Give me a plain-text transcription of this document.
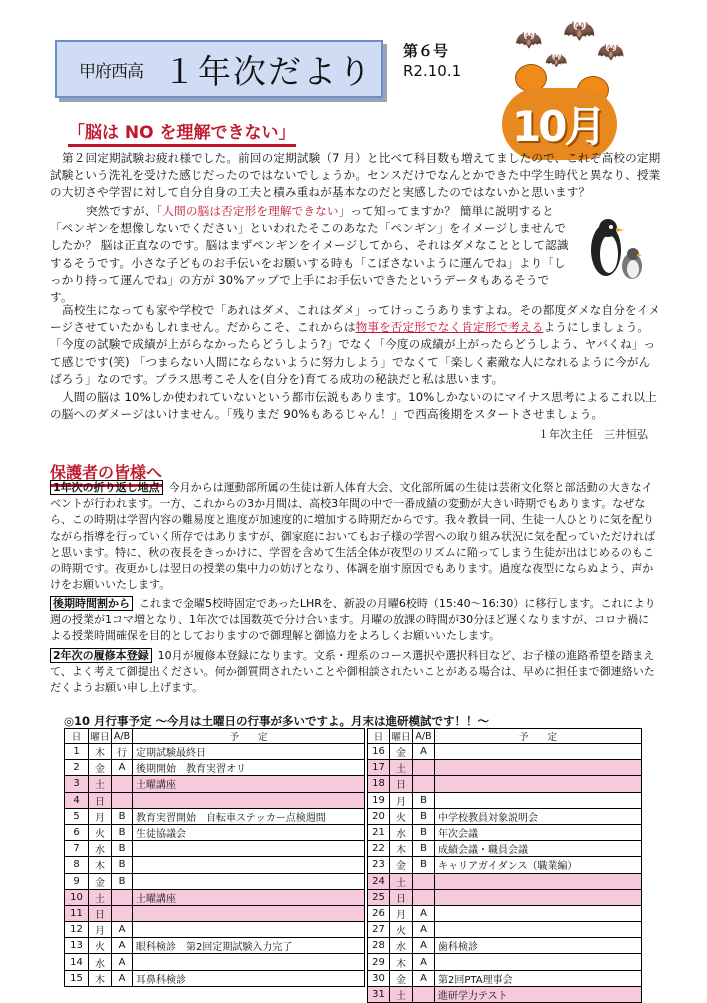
甲府西高 １年次だより
第６号
R2.10.1
🦇 🦇
🦇
🦇
10月
「脳は NO を理解できない」
第２回定期試験お疲れ様でした。前回の定期試験（7 月）と比べて科目数も増えてましたので、これぞ高校の定期試験という洗礼を受けた感じだったのではないでしょうか。センスだけでなんとかできた中学生時代と異なり、授業の大切さや学習に対して自分自身の工夫と積み重ねが基本なのだと実感したのではないかと思います？
突然ですが、「人間の脳は否定形を理解できない」って知ってますか？ 簡単に説明すると「ペンギンを想像しないでください」といわれたそこのあなた「ペンギン」をイメージしませんでしたか？ 脳は正直なのです。脳はまずペンギンをイメージしてから、それはダメなこととして認識するそうです。小さな子どものお手伝いをお願いする時も「こぼさないように運んでね」より「しっかり持って運んでね」の方が 30%アップで上手にお手伝いできたというデータもあるそうです。
高校生になっても家や学校で「あれはダメ、これはダメ」ってけっこうありますよね。その都度ダメな自分をイメージさせていたかもしれません。だからこそ、これからは物事を否定形でなく肯定形で考えるようにしましょう。「今度の試験で成績が上がらなかったらどうしよう?」でなく「今度の成績が上がったらどうしよう、ヤバくね」って感じです(笑) 「つまらない人間にならないように努力しよう」でなくて「楽しく素敵な人になれるように今がんばろう」なのです。プラス思考こそ人を(自分を)育てる成功の秘訣だと私は思います。
人間の脳は 10%しか使われていないという都市伝説もあります。10%しかないのにマイナス思考によるこれ以上の脳へのダメージはいけません。「残りまだ 90%もあるじゃん！」で西高後期をスタートさせましょう。
１年次主任　三井恒弘
保護者の皆様へ
1年次の折り返し地点 今月からは運動部所属の生徒は新人体育大会、文化部所属の生徒は芸術文化祭と部活動の大きなイベントが行われます。一方、これからの3か月間は、高校3年間の中で一番成績の変動が大きい時期でもあります。なぜなら、この時期は学習内容の難易度と進度が加速度的に増加する時期だからです。我々教員一同、生徒一人ひとりに気を配りながら指導を行っていく所存ではありますが、御家庭においてもお子様の学習への取り組み状況に気を配っていただければと思います。特に、秋の夜長をきっかけに、学習を含めて生活全体が夜型のリズムに陥ってしまう生徒が出はじめるのもこの時期です。夜更かしは翌日の授業の集中力の妨げとなり、体調を崩す原因でもあります。過度な夜型にならぬよう、声かけをお願いいたします。
後期時間割から これまで金曜5校時固定であったLHRを、新設の月曜6校時（15:40～16:30）に移行します。これにより週の授業が1コマ増となり、1年次では国数英で分け合います。月曜の放課の時間が30分ほど遅くなりますが、コロナ禍による授業時間確保を目的としておりますので御理解と御協力をよろしくお願いいたします。
2年次の履修本登録 10月が履修本登録になります。文系・理系のコース選択や選択科目など、お子様の進路希望を踏まえて、よく考えて御提出ください。何か御質問されたいことや御相談されたいことがある場合は、早めに担任まで御連絡いただくようお願い申し上げます。
◎10 月行事予定 ～今月は土曜日の行事が多いですよ。月末は進研模試です！！～
日	曜日	A/B	予　　定
1	木	行	定期試験最終日
2	金	A	後期開始　教育実習オリ
3	土		土曜講座
4	日		
5	月	B	教育実習開始　自転車ステッカー点検週間
6	火	B	生徒協議会
7	水	B	
8	木	B	
9	金	B	
10	土		土曜講座
11	日		
12	月	A	
13	火	A	眼科検診　第2回定期試験入力完了
14	水	A	
15	木	A	耳鼻科検診
日	曜日	A/B	予　　定
16	金	A	
17	土		
18	日		
19	月	B	
20	火	B	中学校教員対象説明会
21	水	B	年次会議
22	木	B	成績会議・職員会議
23	金	B	キャリアガイダンス（職業編）
24	土		
25	日		
26	月	A	
27	火	A	
28	水	A	歯科検診
29	木	A	
30	金	A	第2回PTA理事会
31	土		進研学力テスト
